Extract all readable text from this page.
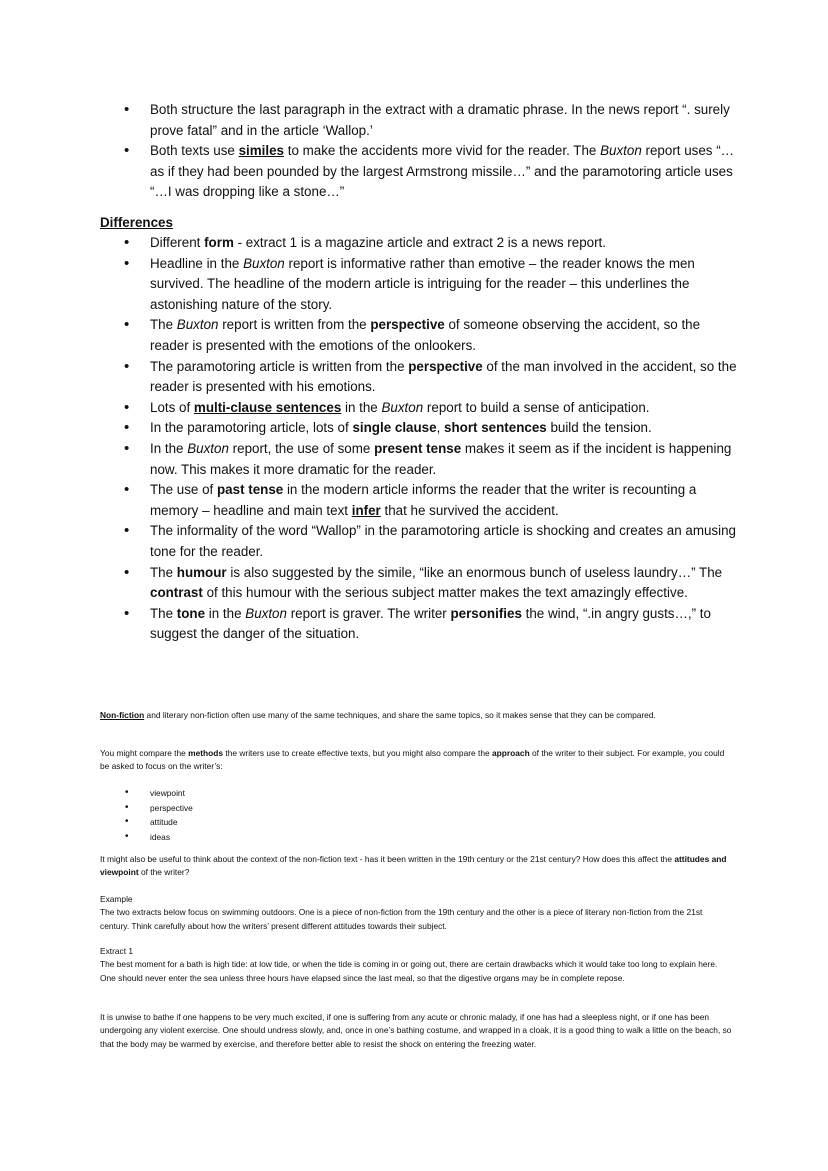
• Both structure the last paragraph in the extract with a dramatic phrase. In the news report “. surely prove fatal” and in the article ‘Wallop.’
• Both texts use similes to make the accidents more vivid for the reader. The Buxton report uses “…as if they had been pounded by the largest Armstrong missile…” and the paramotoring article uses “…I was dropping like a stone…”
Differences
• Different form - extract 1 is a magazine article and extract 2 is a news report.
• Headline in the Buxton report is informative rather than emotive – the reader knows the men survived. The headline of the modern article is intriguing for the reader – this underlines the astonishing nature of the story.
• The Buxton report is written from the perspective of someone observing the accident, so the reader is presented with the emotions of the onlookers.
• The paramotoring article is written from the perspective of the man involved in the accident, so the reader is presented with his emotions.
• Lots of multi-clause sentences in the Buxton report to build a sense of anticipation.
• In the paramotoring article, lots of single clause, short sentences build the tension.
• In the Buxton report, the use of some present tense makes it seem as if the incident is happening now. This makes it more dramatic for the reader.
• The use of past tense in the modern article informs the reader that the writer is recounting a memory – headline and main text infer that he survived the accident.
• The informality of the word “Wallop” in the paramotoring article is shocking and creates an amusing tone for the reader.
• The humour is also suggested by the simile, “like an enormous bunch of useless laundry…” The contrast of this humour with the serious subject matter makes the text amazingly effective.
• The tone in the Buxton report is graver. The writer personifies the wind, “.in angry gusts…,” to suggest the danger of the situation.

Non-fiction and literary non-fiction often use many of the same techniques, and share the same topics, so it makes sense that they can be compared.

You might compare the methods the writers use to create effective texts, but you might also compare the approach of the writer to their subject. For example, you could be asked to focus on the writer’s:

• viewpoint
• perspective
• attitude
• ideas

It might also be useful to think about the context of the non-fiction text - has it been written in the 19th century or the 21st century? How does this affect the attitudes and viewpoint of the writer?

Example

The two extracts below focus on swimming outdoors. One is a piece of non-fiction from the 19th century and the other is a piece of literary non-fiction from the 21st century. Think carefully about how the writers’ present different attitudes towards their subject.

Extract 1

The best moment for a bath is high tide: at low tide, or when the tide is coming in or going out, there are certain drawbacks which it would take too long to explain here. One should never enter the sea unless three hours have elapsed since the last meal, so that the digestive organs may be in complete repose.

It is unwise to bathe if one happens to be very much excited, if one is suffering from any acute or chronic malady, if one has had a sleepless night, or if one has been undergoing any violent exercise. One should undress slowly, and, once in one’s bathing costume, and wrapped in a cloak, it is a good thing to walk a little on the beach, so that the body may be warmed by exercise, and therefore better able to resist the shock on entering the freezing water.
